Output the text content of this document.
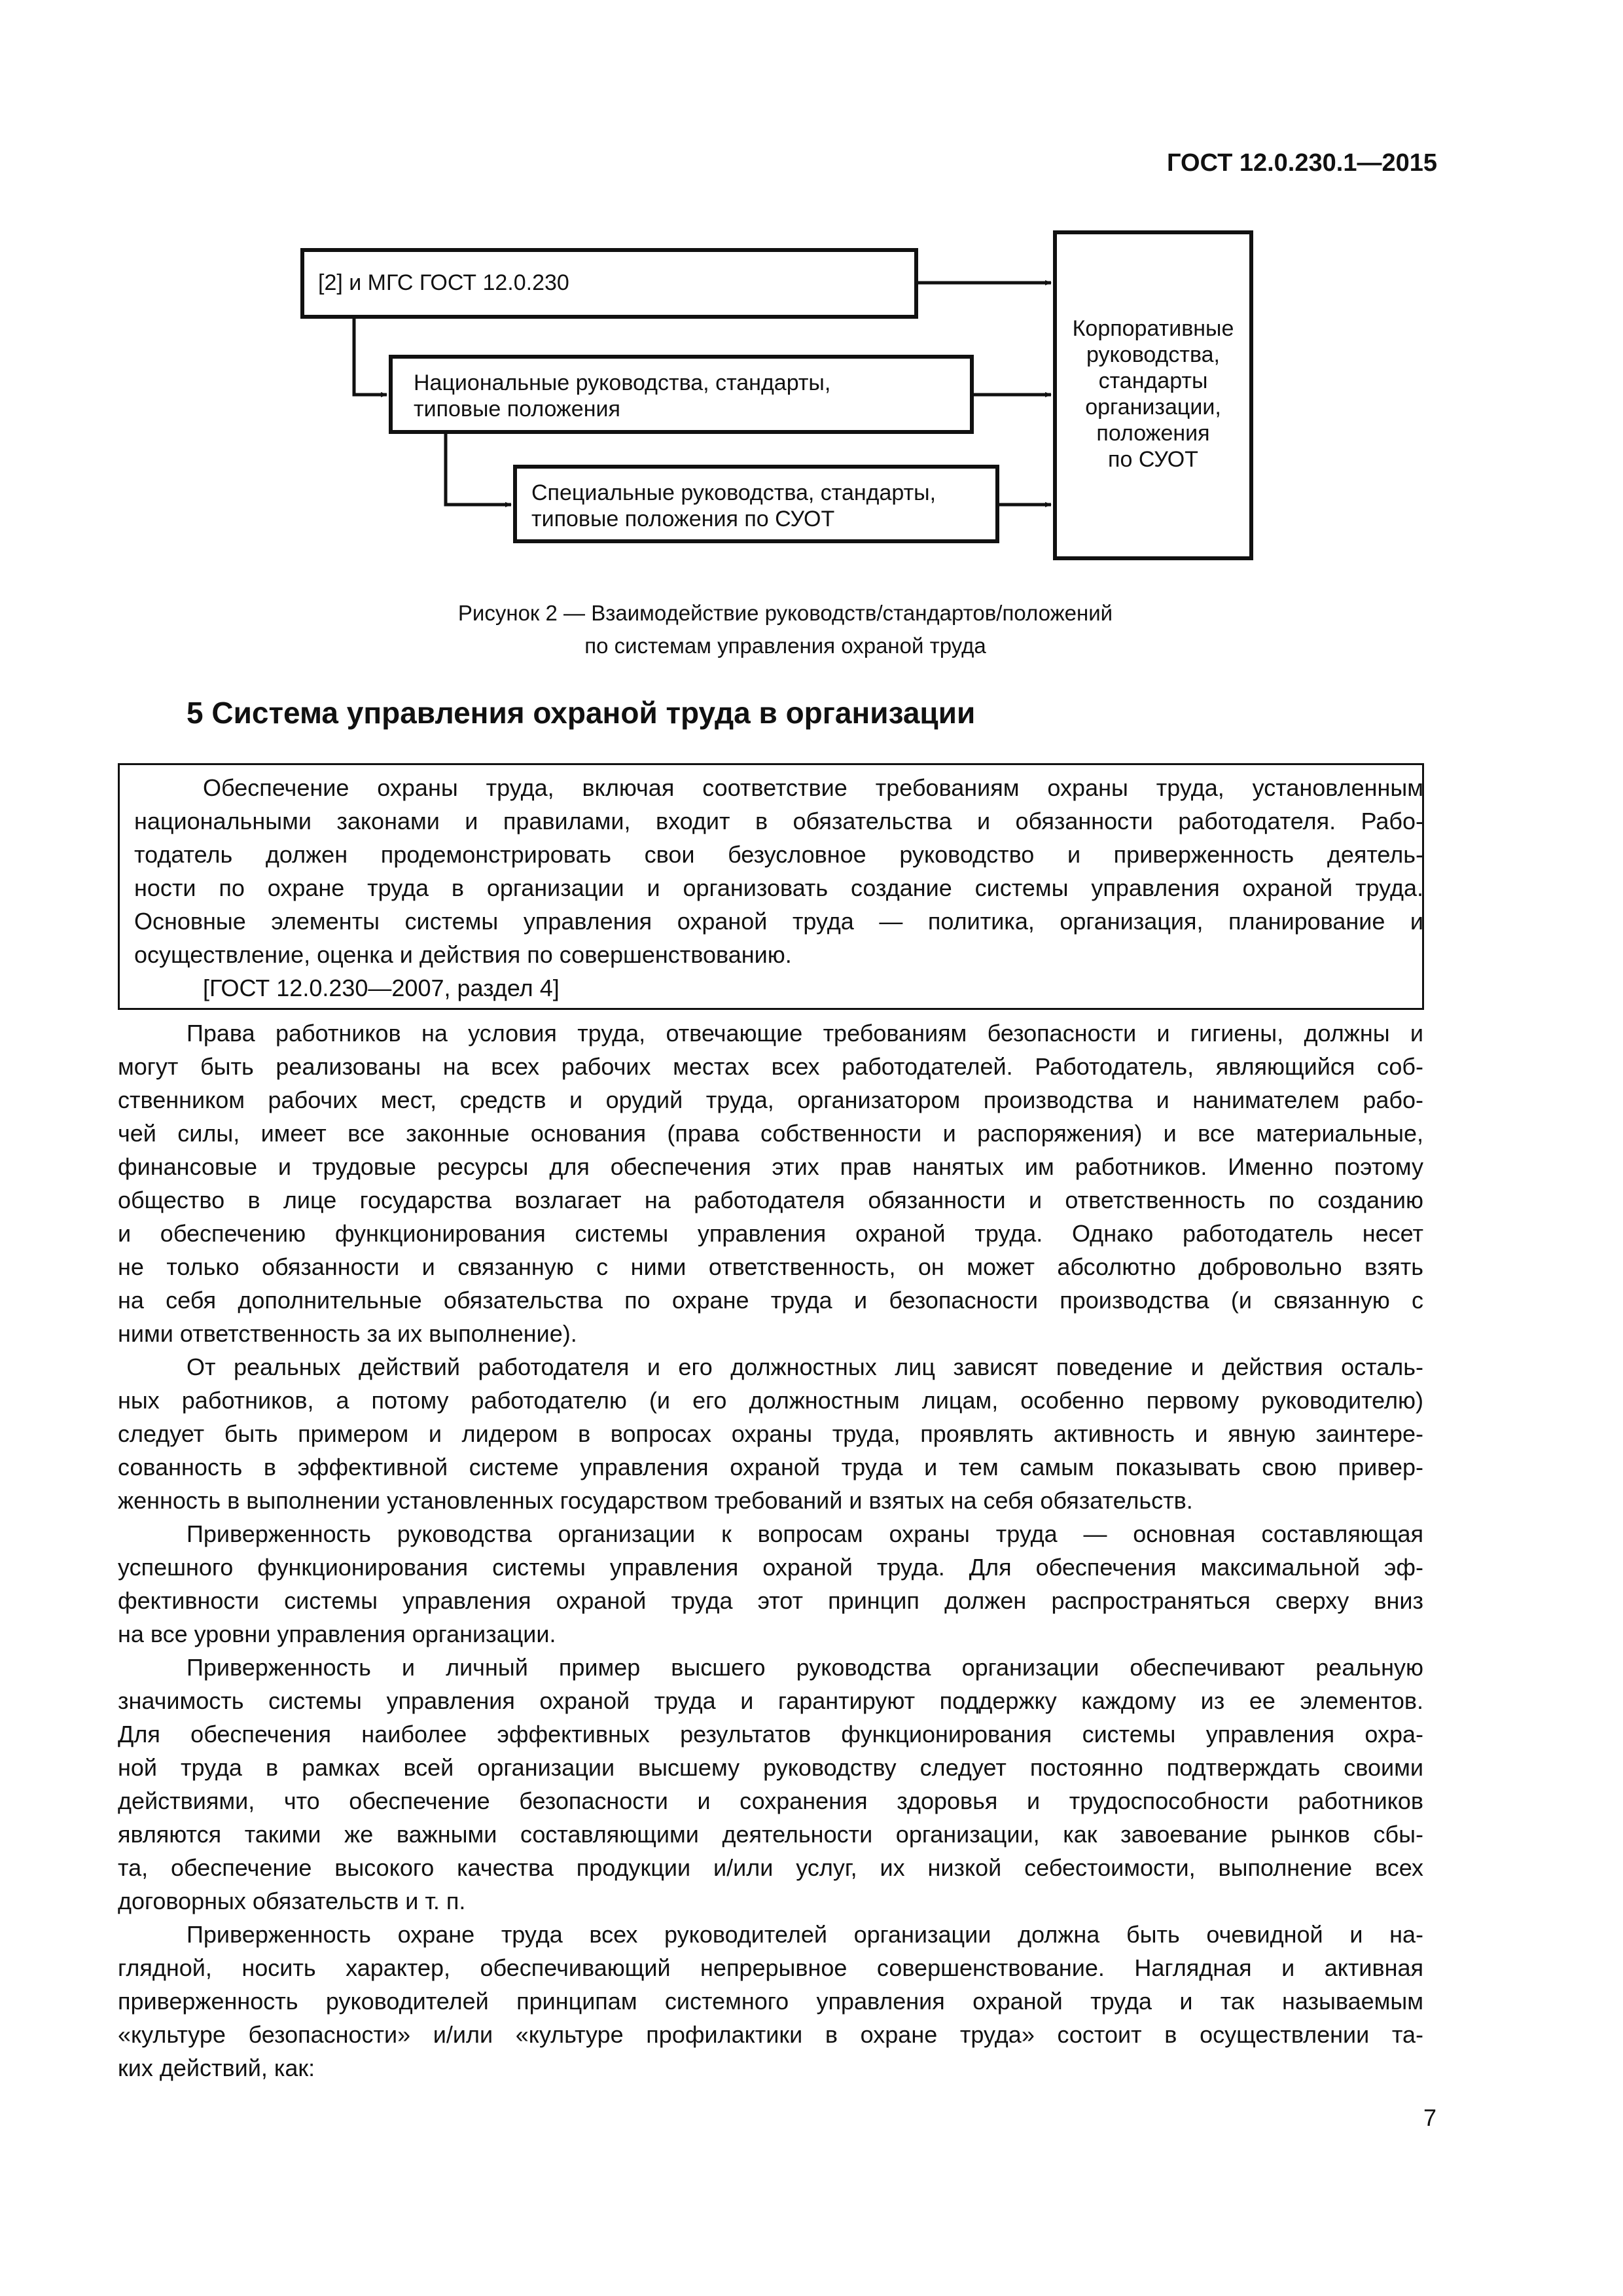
ГОСТ 12.0.230.1—2015
[2] и МГС ГОСТ 12.0.230
Национальные руководства, стандарты,
типовые положения
Специальные руководства, стандарты,
типовые положения по СУОТ
Корпоративные
руководства,
стандарты
организации,
положения
по СУОТ
Рисунок 2 — Взаимодействие руководств/стандартов/положений
по системам управления охраной труда
5 Система управления охраной труда в организации
Обеспечение охраны труда, включая соответствие требованиям охраны труда, установленным
национальными законами и правилами, входит в обязательства и обязанности работодателя. Рабо-
тодатель должен продемонстрировать свои безусловное руководство и приверженность деятель-
ности по охране труда в организации и организовать создание системы управления охраной труда.
Основные элементы системы управления охраной труда — политика, организация, планирование и
осуществление, оценка и действия по совершенствованию.
[ГОСТ 12.0.230—2007, раздел 4]
Права работников на условия труда, отвечающие требованиям безопасности и гигиены, должны и
могут быть реализованы на всех рабочих местах всех работодателей. Работодатель, являющийся соб-
ственником рабочих мест, средств и орудий труда, организатором производства и нанимателем рабо-
чей силы, имеет все законные основания (права собственности и распоряжения) и все материальные,
финансовые и трудовые ресурсы для обеспечения этих прав нанятых им работников. Именно поэтому
общество в лице государства возлагает на работодателя обязанности и ответственность по созданию
и обеспечению функционирования системы управления охраной труда. Однако работодатель несет
не только обязанности и связанную с ними ответственность, он может абсолютно добровольно взять
на себя дополнительные обязательства по охране труда и безопасности производства (и связанную с
ними ответственность за их выполнение).
От реальных действий работодателя и его должностных лиц зависят поведение и действия осталь-
ных работников, а потому работодателю (и его должностным лицам, особенно первому руководителю)
следует быть примером и лидером в вопросах охраны труда, проявлять активность и явную заинтере-
сованность в эффективной системе управления охраной труда и тем самым показывать свою привер-
женность в выполнении установленных государством требований и взятых на себя обязательств.
Приверженность руководства организации к вопросам охраны труда — основная составляющая
успешного функционирования системы управления охраной труда. Для обеспечения максимальной эф-
фективности системы управления охраной труда этот принцип должен распространяться сверху вниз
на все уровни управления организации.
Приверженность и личный пример высшего руководства организации обеспечивают реальную
значимость системы управления охраной труда и гарантируют поддержку каждому из ее элементов.
Для обеспечения наиболее эффективных результатов функционирования системы управления охра-
ной труда в рамках всей организации высшему руководству следует постоянно подтверждать своими
действиями, что обеспечение безопасности и сохранения здоровья и трудоспособности работников
являются такими же важными составляющими деятельности организации, как завоевание рынков сбы-
та, обеспечение высокого качества продукции и/или услуг, их низкой себестоимости, выполнение всех
договорных обязательств и т. п.
Приверженность охране труда всех руководителей организации должна быть очевидной и на-
глядной, носить характер, обеспечивающий непрерывное совершенствование. Наглядная и активная
приверженность руководителей принципам системного управления охраной труда и так называемым
«культуре безопасности» и/или «культуре профилактики в охране труда» состоит в осуществлении та-
ких действий, как:
7
